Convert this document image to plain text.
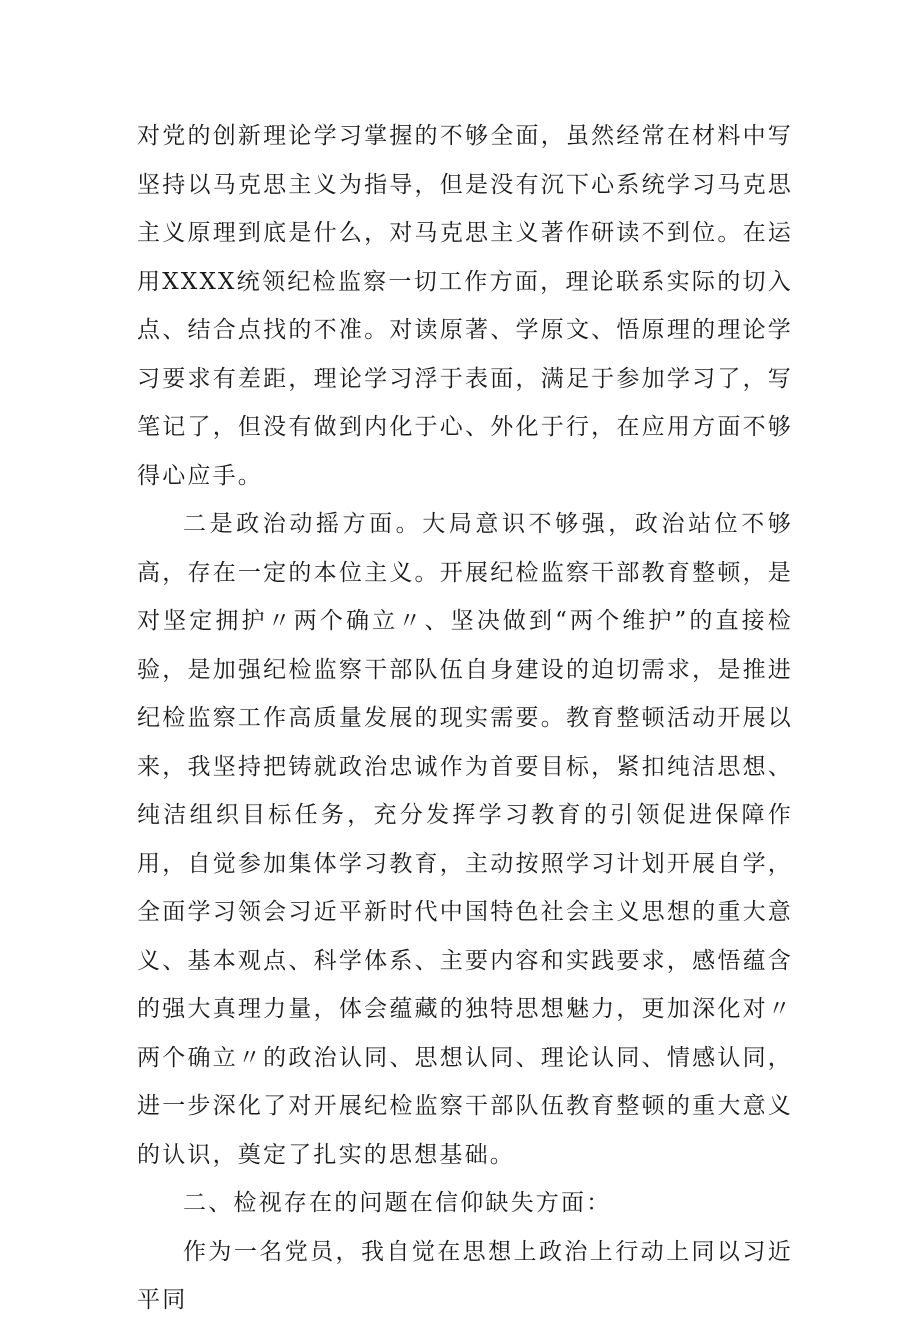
对党的创新理论学习掌握的不够全面，虽然经常在材料中写坚持以马克思主义为指导，但是没有沉下心系统学习马克思主义原理到底是什么，对马克思主义著作研读不到位。在运用XXXX统领纪检监察一切工作方面，理论联系实际的切入点、结合点找的不准。对读原著、学原文、悟原理的理论学习要求有差距，理论学习浮于表面，满足于参加学习了，写笔记了，但没有做到内化于心、外化于行，在应用方面不够得心应手。

二是政治动摇方面。大局意识不够强，政治站位不够高，存在一定的本位主义。开展纪检监察干部教育整顿，是对坚定拥护〃两个确立〃、坚决做到“两个维护”的直接检验，是加强纪检监察干部队伍自身建设的迫切需求，是推进纪检监察工作高质量发展的现实需要。教育整顿活动开展以来，我坚持把铸就政治忠诚作为首要目标，紧扣纯洁思想、纯洁组织目标任务，充分发挥学习教育的引领促进保障作用，自觉参加集体学习教育，主动按照学习计划开展自学，全面学习领会习近平新时代中国特色社会主义思想的重大意义、基本观点、科学体系、主要内容和实践要求，感悟蕴含的强大真理力量，体会蕴藏的独特思想魅力，更加深化对〃两个确立〃的政治认同、思想认同、理论认同、情感认同，进一步深化了对开展纪检监察干部队伍教育整顿的重大意义的认识，奠定了扎实的思想基础。

二、检视存在的问题在信仰缺失方面：

作为一名党员，我自觉在思想上政治上行动上同以习近平同
